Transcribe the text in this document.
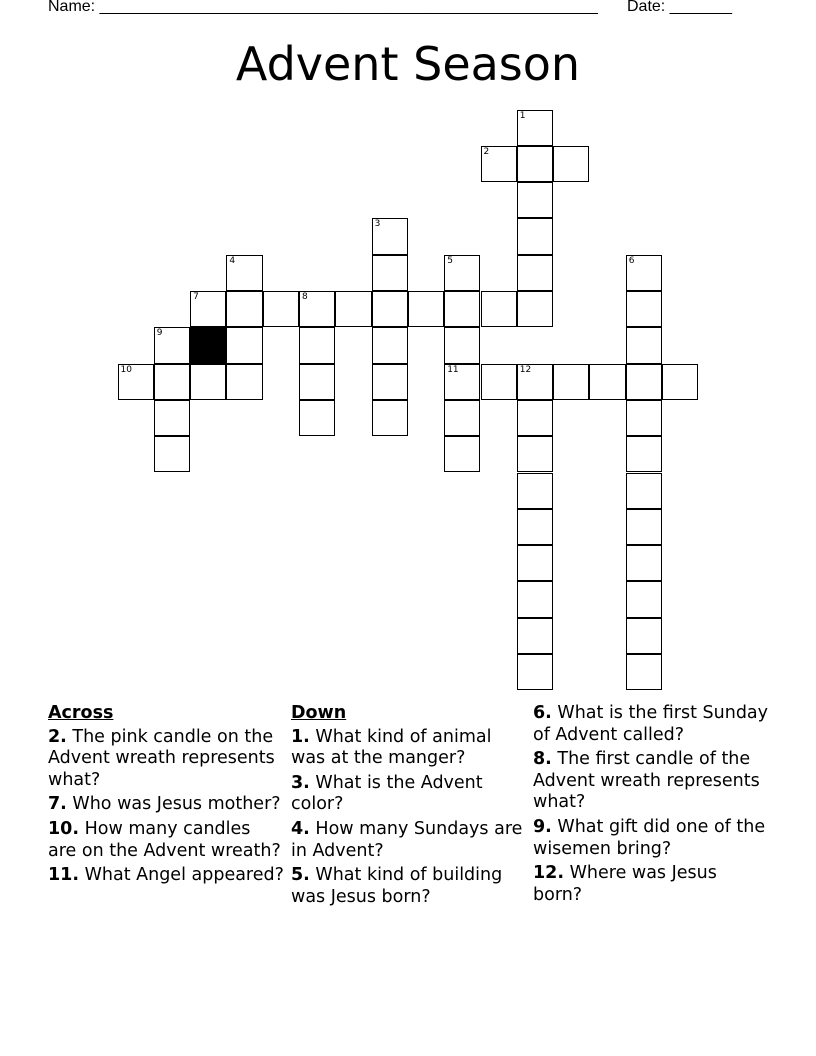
Name: ________________________________________________________ Date: _______
Advent Season
1
2
3
4	5	6
7	8
9
10	11	12
Across
2. The pink candle on the Advent wreath represents what?
7. Who was Jesus mother?
10. How many candles are on the Advent wreath?
11. What Angel appeared?
Down
1. What kind of animal was at the manger?
3. What is the Advent color?
4. How many Sundays are in Advent?
5. What kind of building was Jesus born?
6. What is the first Sunday of Advent called?
8. The first candle of the Advent wreath represents what?
9. What gift did one of the wisemen bring?
12. Where was Jesus born?
